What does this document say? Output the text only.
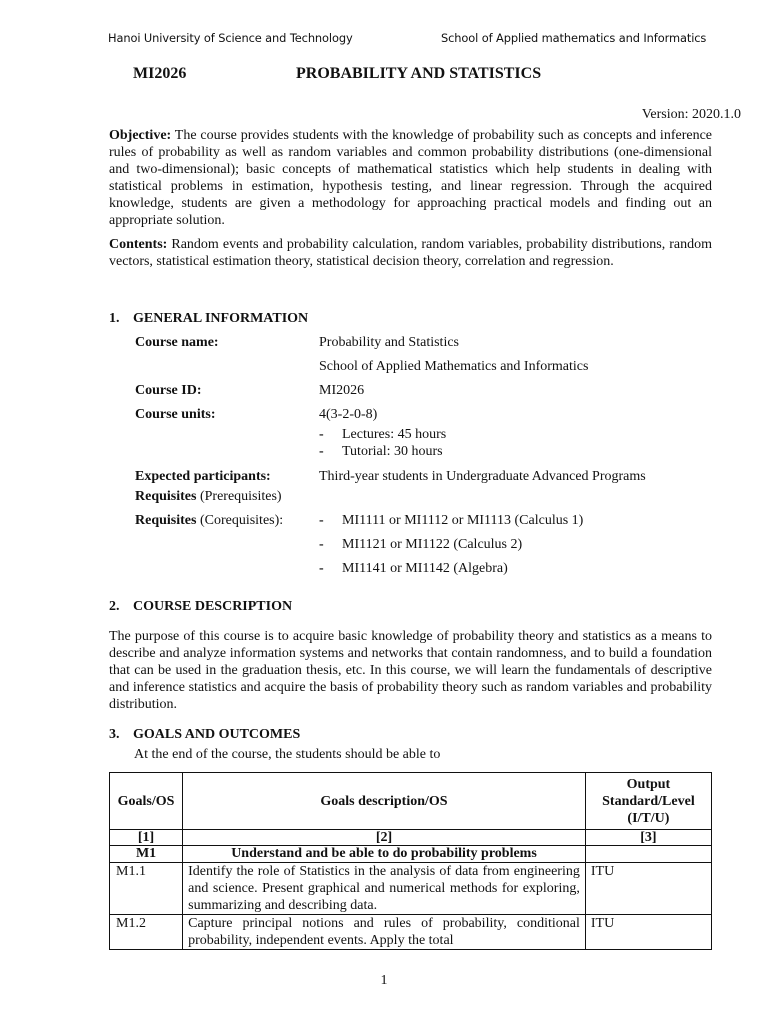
Hanoi University of Science and Technology	School of Applied mathematics and Informatics
MI2026	PROBABILITY AND STATISTICS
Version: 2020.1.0
Objective: The course provides students with the knowledge of probability such as concepts and inference rules of probability as well as random variables and common probability distributions (one-dimensional and two-dimensional); basic concepts of mathematical statistics which help students in dealing with statistical problems in estimation, hypothesis testing, and linear regression. Through the acquired knowledge, students are given a methodology for approaching practical models and finding out an appropriate solution.
Contents: Random events and probability calculation, random variables, probability distributions, random vectors, statistical estimation theory, statistical decision theory, correlation and regression.
1. GENERAL INFORMATION
Course name:	Probability and Statistics
School of Applied Mathematics and Informatics
Course ID:	MI2026
Course units:	4(3-2-0-8)
- Lectures: 45 hours
- Tutorial: 30 hours
Expected participants:	Third-year students in Undergraduate Advanced Programs
Requisites (Prerequisites)
Requisites (Corequisites):	- MI1111 or MI1112 or MI1113 (Calculus 1)
- MI1121 or MI1122 (Calculus 2)
- MI1141 or MI1142 (Algebra)
2. COURSE DESCRIPTION
The purpose of this course is to acquire basic knowledge of probability theory and statistics as a means to describe and analyze information systems and networks that contain randomness, and to build a foundation that can be used in the graduation thesis, etc. In this course, we will learn the fundamentals of descriptive and inference statistics and acquire the basis of probability theory such as random variables and probability distribution.
3. GOALS AND OUTCOMES
At the end of the course, the students should be able to
Goals/OS	Goals description/OS	Output Standard/Level (I/T/U)
[1]	[2]	[3]
M1	Understand and be able to do probability problems	
M1.1	Identify the role of Statistics in the analysis of data from engineering and science. Present graphical and numerical methods for exploring, summarizing and describing data.	ITU
M1.2	Capture principal notions and rules of probability, conditional probability, independent events. Apply the total	ITU
1
